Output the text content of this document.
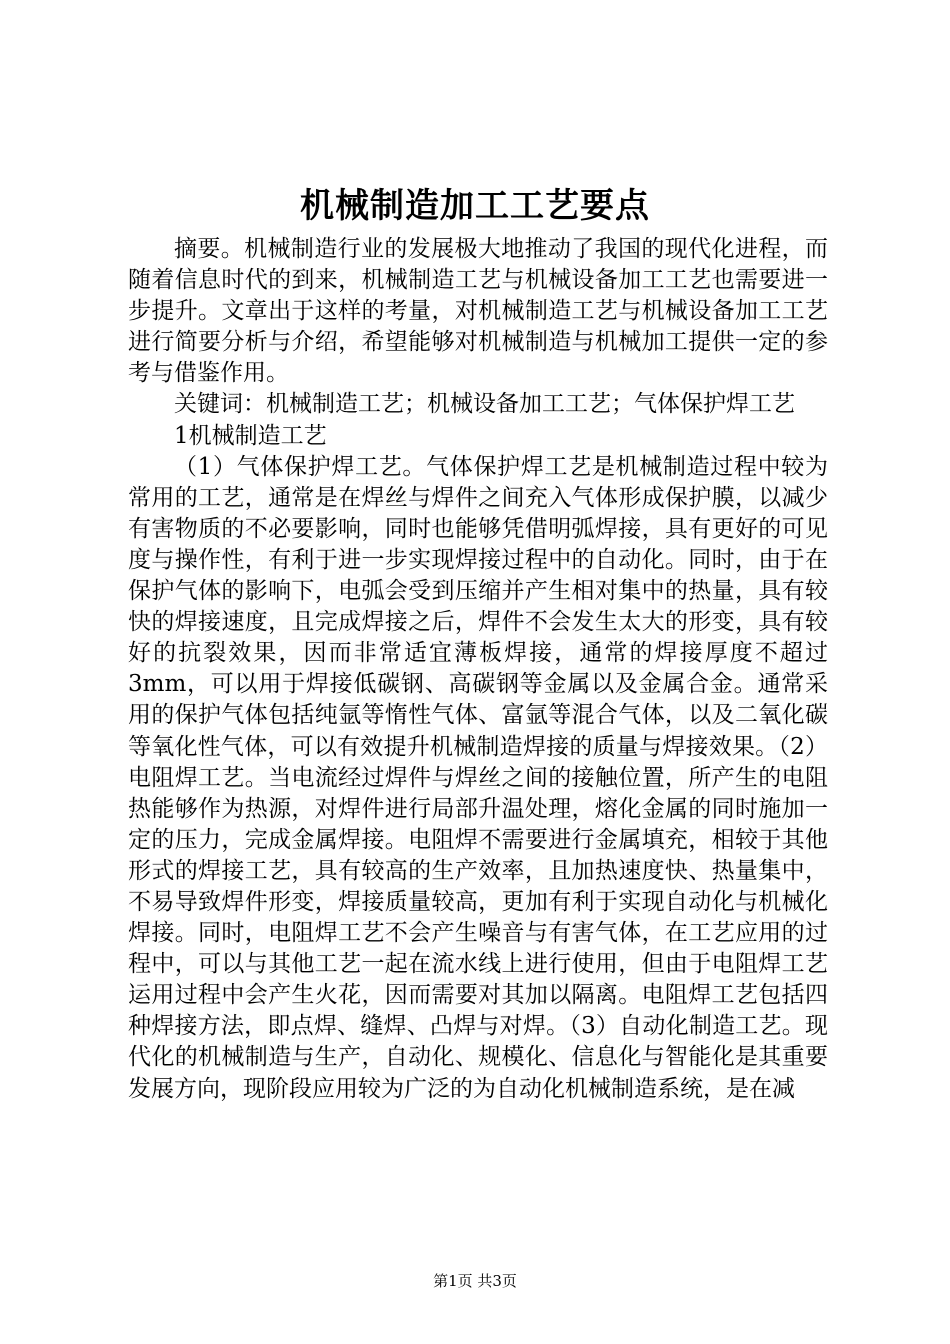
机械制造加工工艺要点

摘要。机械制造行业的发展极大地推动了我国的现代化进程，而随着信息时代的到来，机械制造工艺与机械设备加工工艺也需要进一步提升。文章出于这样的考量，对机械制造工艺与机械设备加工工艺进行简要分析与介绍，希望能够对机械制造与机械加工提供一定的参考与借鉴作用。

关键词：机械制造工艺；机械设备加工工艺；气体保护焊工艺

1机械制造工艺

（1）气体保护焊工艺。气体保护焊工艺是机械制造过程中较为常用的工艺，通常是在焊丝与焊件之间充入气体形成保护膜，以减少有害物质的不必要影响，同时也能够凭借明弧焊接，具有更好的可见度与操作性，有利于进一步实现焊接过程中的自动化。同时，由于在保护气体的影响下，电弧会受到压缩并产生相对集中的热量，具有较快的焊接速度，且完成焊接之后，焊件不会发生太大的形变，具有较好的抗裂效果，因而非常适宜薄板焊接，通常的焊接厚度不超过3mm，可以用于焊接低碳钢、高碳钢等金属以及金属合金。通常采用的保护气体包括纯氩等惰性气体、富氩等混合气体，以及二氧化碳等氧化性气体，可以有效提升机械制造焊接的质量与焊接效果。（2）电阻焊工艺。当电流经过焊件与焊丝之间的接触位置，所产生的电阻热能够作为热源，对焊件进行局部升温处理，熔化金属的同时施加一定的压力，完成金属焊接。电阻焊不需要进行金属填充，相较于其他形式的焊接工艺，具有较高的生产效率，且加热速度快、热量集中，不易导致焊件形变，焊接质量较高，更加有利于实现自动化与机械化焊接。同时，电阻焊工艺不会产生噪音与有害气体，在工艺应用的过程中，可以与其他工艺一起在流水线上进行使用，但由于电阻焊工艺运用过程中会产生火花，因而需要对其加以隔离。电阻焊工艺包括四种焊接方法，即点焊、缝焊、凸焊与对焊。（3）自动化制造工艺。现代化的机械制造与生产，自动化、规模化、信息化与智能化是其重要发展方向，现阶段应用较为广泛的为自动化机械制造系统，是在减

第1页 共3页
